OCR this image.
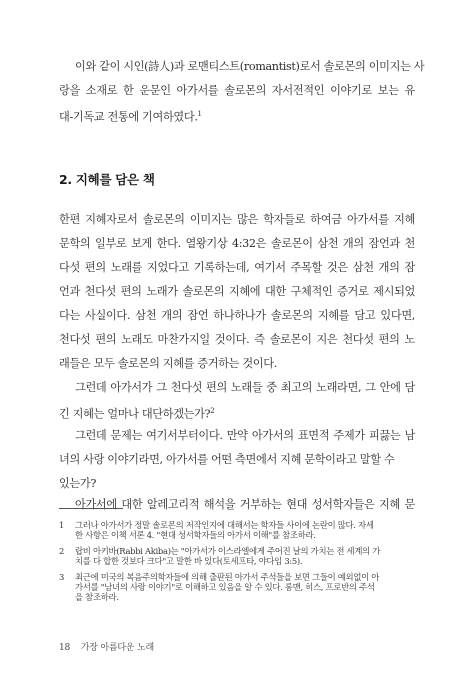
이와 같이 시인(詩人)과 로맨티스트(romantist)로서 솔로몬의 이미지는 사
랑을 소재로 한 운문인 아가서를 솔로몬의 자서전적인 이야기로 보는 유
대-기독교 전통에 기여하였다.$^1$
2. 지혜를 담은 책
한편 지혜자로서 솔로몬의 이미지는 많은 학자들로 하여금 아가서를 지혜
문학의 일부로 보게 한다. 열왕기상 4:32은 솔로몬이 삼천 개의 잠언과 천
다섯 편의 노래를 지었다고 기록하는데, 여기서 주목할 것은 삼천 개의 잠
언과 천다섯 편의 노래가 솔로몬의 지혜에 대한 구체적인 증거로 제시되었
다는 사실이다. 삼천 개의 잠언 하나하나가 솔로몬의 지혜를 담고 있다면,
천다섯 편의 노래도 마찬가지일 것이다. 즉 솔로몬이 지은 천다섯 편의 노
래들은 모두 솔로몬의 지혜를 증거하는 것이다.
그런데 아가서가 그 천다섯 편의 노래들 중 최고의 노래라면, 그 안에 담
긴 지혜는 얼마나 대단하겠는가?$^2$
그런데 문제는 여기서부터이다. 만약 아가서의 표면적 주제가 피끓는 남
녀의 사랑 이야기라면, 아가서를 어떤 측면에서 지혜 문학이라고 말할 수
있는가?
아가서에 대한 알레고리적 해석을 거부하는 현대 성서학자들은 지혜 문
1 그러나 아가서가 정말 솔로몬의 저작인지에 대해서는 학자들 사이에 논란이 많다. 자세
한 사항은 이책 서론 4. "현대 성서학자들의 아가서 이해"를 참조하라.
2 랍비 아키바(Rabbi Akiba)는 "아가서가 이스라엘에게 주어진 날의 가치는 전 세계의 가
치를 다 합한 것보다 크다"고 말한 바 있다(토세프타, 야다임 3:5).
3 최근에 미국의 복음주의학자들에 의해 출판된 아가서 주석들을 보면 그들이 예외없이 아
가서를 "남녀의 사랑 이야기"로 이해하고 있음을 알 수 있다. 롱맨, 히스, 프로반의 주석
을 참조하라.
18 가장 아름다운 노래
